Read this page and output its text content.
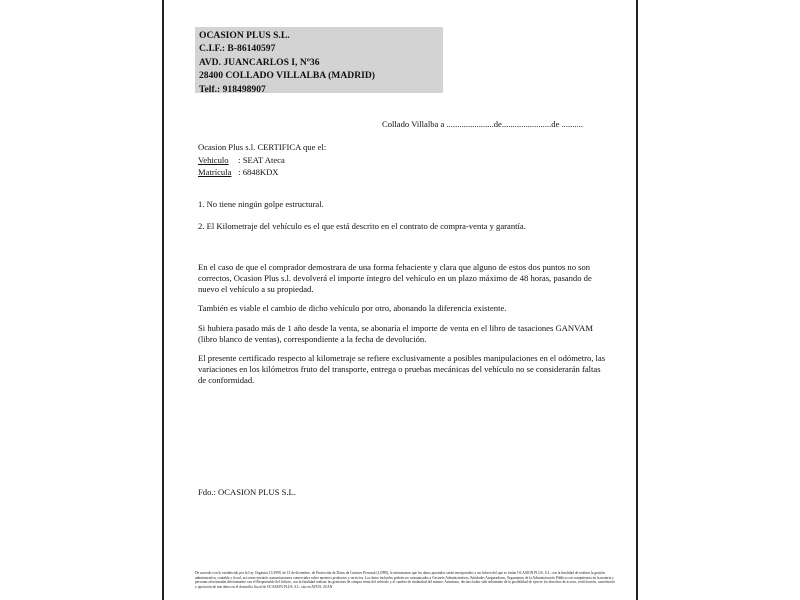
OCASION PLUS S.L.
C.I.F.: B-86140597
AVD. JUANCARLOS I, Nº36
28400 COLLADO VILLALBA (MADRID)
Telf.: 918498907
Collado Villalba a ......................de.......................de ..........
Ocasion Plus s.l. CERTIFICA que el:
Vehiculo : SEAT Ateca
Matrícula : 6848KDX
1. No tiene ningún golpe estructural.
2. El Kilometraje del vehículo es el que está descrito en el contrato de compra-venta y garantía.
En el caso de que el comprador demostrara de una forma fehaciente y clara que alguno de estos dos puntos no son correctos, Ocasion Plus s.l. devolverá el importe íntegro del vehículo en un plazo máximo de 48 horas, pasando de nuevo el vehículo a su propiedad.
También es viable el cambio de dicho vehículo por otro, abonando la diferencia existente.
Si hubiera pasado más de 1 año desde la venta, se abonaría el importe de venta en el libro de tasaciones GANVAM (libro blanco de ventas), correspondiente a la fecha de devolución.
El presente certificado respecto al kilometraje se refiere exclusivamente a posibles manipulaciones en el odómetro, las variaciones en los kilómetros fruto del transporte, entrega o pruebas mecánicas del vehículo no se considerarán faltas de conformidad.
Fdo.: OCASION PLUS S.L.
De acuerdo con lo establecido por la Ley Orgánica 15/1999, de 13 de diciembre, de Protección de Datos de Carácter Personal (LOPD), le informamos que los datos aportados serán incorporados a un fichero del que es titular OCASION PLUS, S.L. con la finalidad de realizar la gestión administrativa, contable y fiscal, así como enviarle comunicaciones comerciales sobre nuestros productos y servicios. Los datos incluidos podrán ser comunicados a Gestores Administrativos, Entidades Aseguradoras, Organismos de la Administración Pública con competencia en la materia y personas relacionadas directamente con el Responsable del fichero, con la finalidad realizar las gestiones de compra venta del vehículo y el cambio de titularidad del mismo. Asimismo, declaro haber sido informado de la posibilidad de ejercer los derechos de acceso, rectificación, cancelación y oposición de mis datos en el domicilio fiscal de OCASION PLUS, S.L. sito en AVDA. JUAN
